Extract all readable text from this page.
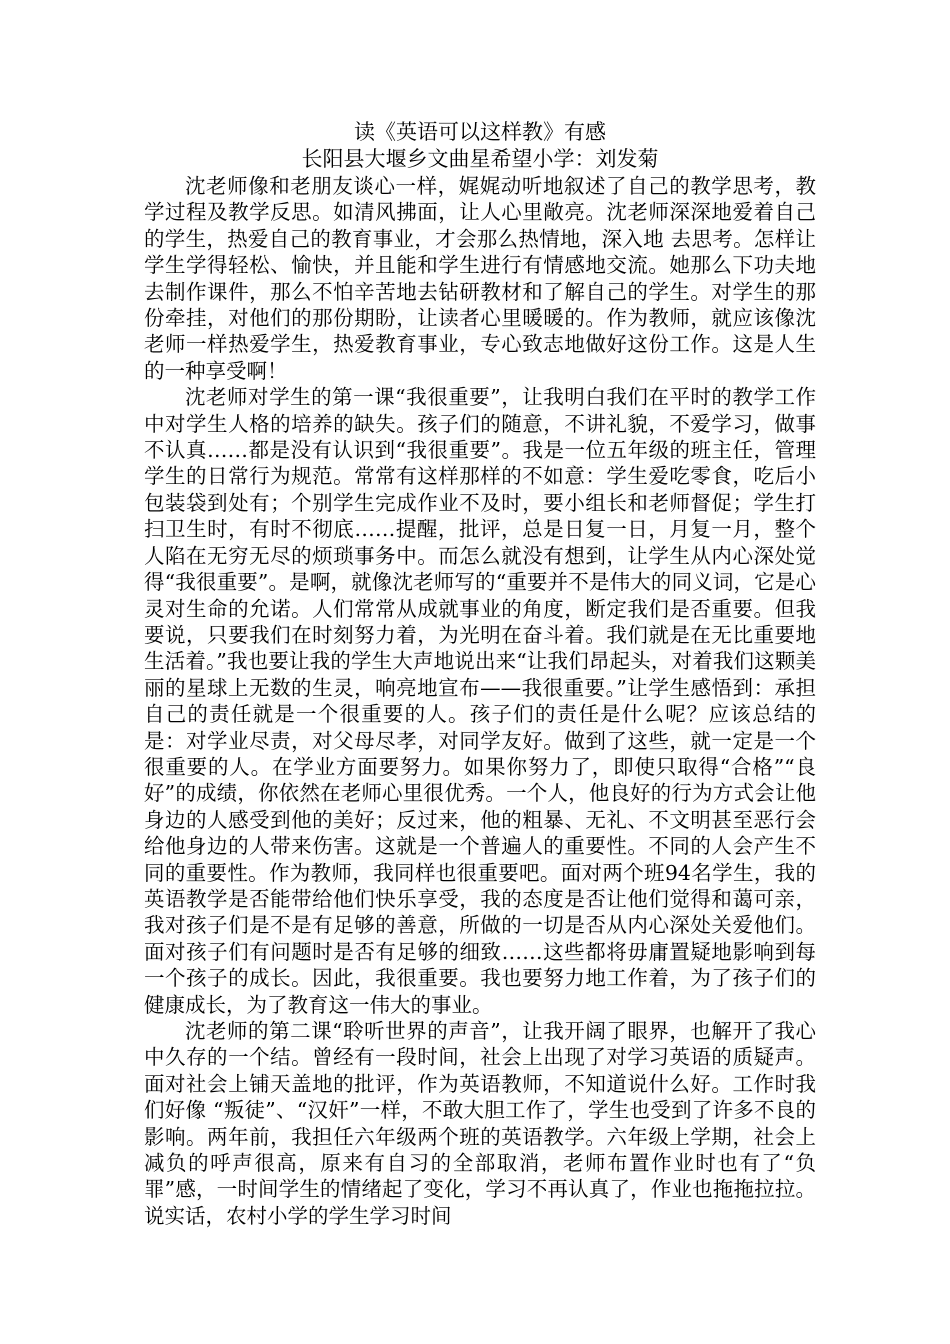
读《英语可以这样教》有感
长阳县大堰乡文曲星希望小学：刘发菊

沈老师像和老朋友谈心一样，娓娓动听地叙述了自己的教学思考，教学过程及教学反思。如清风拂面，让人心里敞亮。沈老师深深地爱着自己的学生，热爱自己的教育事业，才会那么热情地，深入地 去思考。怎样让学生学得轻松、愉快，并且能和学生进行有情感地交流。她那么下功夫地去制作课件，那么不怕辛苦地去钻研教材和了解自己的学生。对学生的那份牵挂，对他们的那份期盼，让读者心里暖暖的。作为教师，就应该像沈老师一样热爱学生，热爱教育事业，专心致志地做好这份工作。这是人生的一种享受啊！

沈老师对学生的第一课“我很重要”，让我明白我们在平时的教学工作中对学生人格的培养的缺失。孩子们的随意，不讲礼貌，不爱学习，做事不认真……都是没有认识到“我很重要”。我是一位五年级的班主任，管理学生的日常行为规范。常常有这样那样的不如意：学生爱吃零食，吃后小包装袋到处有；个别学生完成作业不及时，要小组长和老师督促；学生打扫卫生时，有时不彻底……提醒，批评，总是日复一日，月复一月，整个人陷在无穷无尽的烦琐事务中。而怎么就没有想到，让学生从内心深处觉得“我很重要”。是啊，就像沈老师写的“重要并不是伟大的同义词，它是心灵对生命的允诺。人们常常从成就事业的角度，断定我们是否重要。但我要说，只要我们在时刻努力着，为光明在奋斗着。我们就是在无比重要地生活着。”我也要让我的学生大声地说出来“让我们昂起头，对着我们这颗美丽的星球上无数的生灵，响亮地宣布——我很重要。”让学生感悟到：承担自己的责任就是一个很重要的人。孩子们的责任是什么呢？应该总结的是：对学业尽责，对父母尽孝，对同学友好。做到了这些，就一定是一个很重要的人。在学业方面要努力。如果你努力了，即使只取得“合格”“良好”的成绩，你依然在老师心里很优秀。一个人，他良好的行为方式会让他身边的人感受到他的美好；反过来，他的粗暴、无礼、不文明甚至恶行会给他身边的人带来伤害。这就是一个普遍人的重要性。不同的人会产生不同的重要性。作为教师，我同样也很重要吧。面对两个班94名学生，我的英语教学是否能带给他们快乐享受，我的态度是否让他们觉得和蔼可亲，我对孩子们是不是有足够的善意，所做的一切是否从内心深处关爱他们。面对孩子们有问题时是否有足够的细致……这些都将毋庸置疑地影响到每一个孩子的成长。因此，我很重要。我也要努力地工作着，为了孩子们的健康成长，为了教育这一伟大的事业。

沈老师的第二课“聆听世界的声音”，让我开阔了眼界，也解开了我心中久存的一个结。曾经有一段时间，社会上出现了对学习英语的质疑声。面对社会上铺天盖地的批评，作为英语教师，不知道说什么好。工作时我们好像 “叛徒”、“汉奸”一样，不敢大胆工作了，学生也受到了许多不良的影响。两年前，我担任六年级两个班的英语教学。六年级上学期，社会上减负的呼声很高，原来有自习的全部取消，老师布置作业时也有了“负罪”感，一时间学生的情绪起了变化，学习不再认真了，作业也拖拖拉拉。说实话，农村小学的学生学习时间
